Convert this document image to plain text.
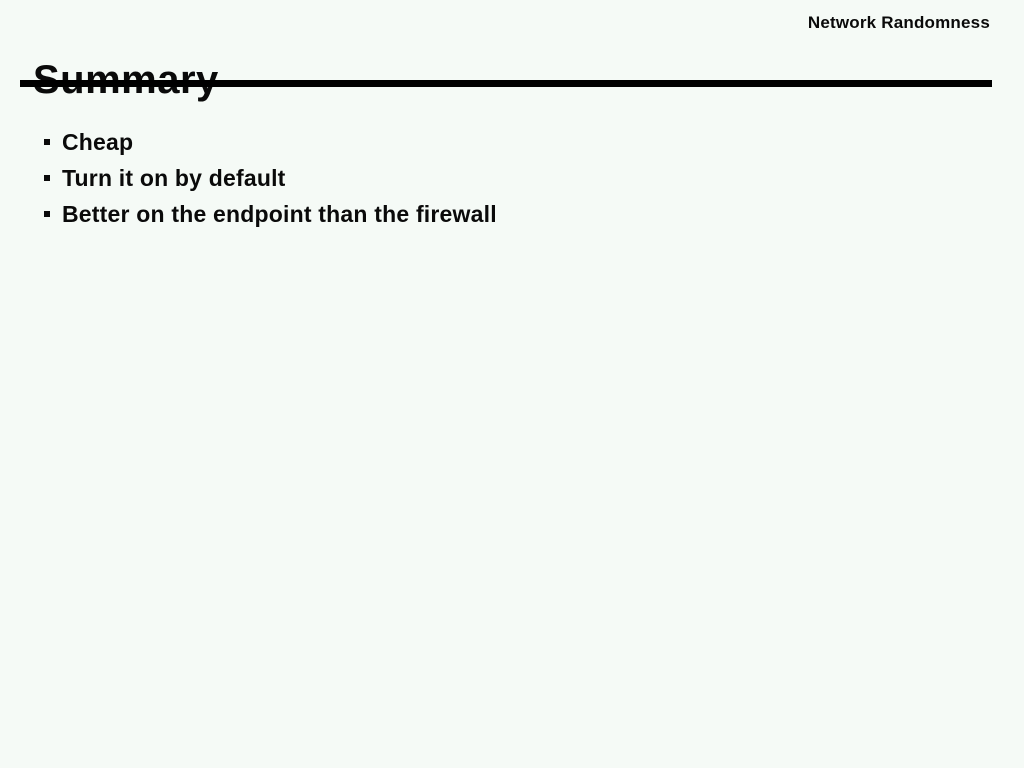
Network Randomness
Cheap
Turn it on by default
Better on the endpoint than the firewall
